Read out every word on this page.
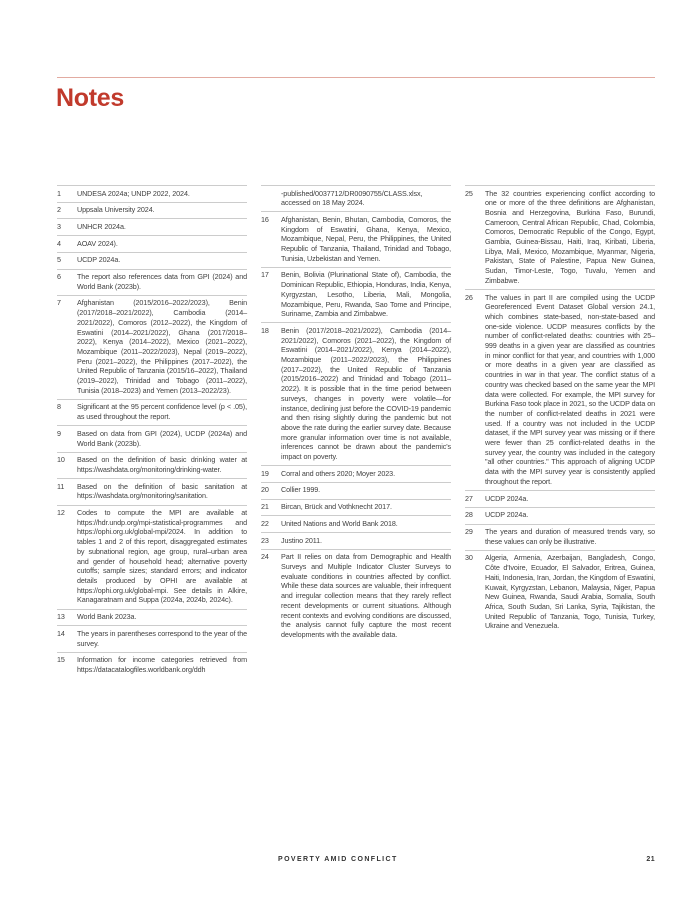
Notes
1	UNDESA 2024a; UNDP 2022, 2024.
2	Uppsala University 2024.
3	UNHCR 2024a.
4	AOAV 2024).
5	UCDP 2024a.
6	The report also references data from GPI (2024) and World Bank (2023b).
7	Afghanistan (2015/2016–2022/2023), Benin (2017/2018–2021/2022), Cambodia (2014–2021/2022), Comoros (2012–2022), the Kingdom of Eswatini (2014–2021/2022), Ghana (2017/2018–2022), Kenya (2014–2022), Mexico (2021–2022), Mozambique (2011–2022/2023), Nepal (2019–2022), Peru (2021–2022), the Philippines (2017–2022), the United Republic of Tanzania (2015/16–2022), Thailand (2019–2022), Trinidad and Tobago (2011–2022), Tunisia (2018–2023) and Yemen (2013–2022/23).
8	Significant at the 95 percent confidence level (p < .05), as used throughout the report.
9	Based on data from GPI (2024), UCDP (2024a) and World Bank (2023b).
10	Based on the definition of basic drinking water at https://washdata.org/monitoring/drinking-water.
11	Based on the definition of basic sanitation at https://washdata.org/monitoring/sanitation.
12	Codes to compute the MPI are available at https://hdr.undp.org/mpi-statistical-programmes and https://ophi.org.uk/global-mpi/2024. In addition to tables 1 and 2 of this report, disaggregated estimates by subnational region, age group, rural–urban area and gender of household head; alternative poverty cutoffs; sample sizes; standard errors; and indicator details produced by OPHI are available at https://ophi.org.uk/global-mpi. See details in Alkire, Kanagaratnam and Suppa (2024a, 2024b, 2024c).
13	World Bank 2023a.
14	The years in parentheses correspond to the year of the survey.
15	Information for income categories retrieved from https://datacatalogfiles.worldbank.org/ddh
-published/0037712/DR0090755/CLASS.xlsx, accessed on 18 May 2024.
16	Afghanistan, Benin, Bhutan, Cambodia, Comoros, the Kingdom of Eswatini, Ghana, Kenya, Mexico, Mozambique, Nepal, Peru, the Philippines, the United Republic of Tanzania, Thailand, Trinidad and Tobago, Tunisia, Uzbekistan and Yemen.
17	Benin, Bolivia (Plurinational State of), Cambodia, the Dominican Republic, Ethiopia, Honduras, India, Kenya, Kyrgyzstan, Lesotho, Liberia, Mali, Mongolia, Mozambique, Peru, Rwanda, Sao Tome and Principe, Suriname, Zambia and Zimbabwe.
18	Benin (2017/2018–2021/2022), Cambodia (2014–2021/2022), Comoros (2021–2022), the Kingdom of Eswatini (2014–2021/2022), Kenya (2014–2022), Mozambique (2011–2022/2023), the Philippines (2017–2022), the United Republic of Tanzania (2015/2016–2022) and Trinidad and Tobago (2011–2022). It is possible that in the time period between surveys, changes in poverty were volatile—for instance, declining just before the COVID-19 pandemic and then rising slightly during the pandemic but not above the rate during the earlier survey date. Because more granular information over time is not available, inferences cannot be drawn about the pandemic's impact on poverty.
19	Corral and others 2020; Moyer 2023.
20	Collier 1999.
21	Bircan, Brück and Vothknecht 2017.
22	United Nations and World Bank 2018.
23	Justino 2011.
24	Part II relies on data from Demographic and Health Surveys and Multiple Indicator Cluster Surveys to evaluate conditions in countries affected by conflict. While these data sources are valuable, their infrequent and irregular collection means that they rarely reflect recent developments or current situations. Although recent contexts and evolving conditions are discussed, the analysis cannot fully capture the most recent developments with the available data.
25	The 32 countries experiencing conflict according to one or more of the three definitions are Afghanistan, Bosnia and Herzegovina, Burkina Faso, Burundi, Cameroon, Central African Republic, Chad, Colombia, Comoros, Democratic Republic of the Congo, Egypt, Gambia, Guinea-Bissau, Haiti, Iraq, Kiribati, Liberia, Libya, Mali, Mexico, Mozambique, Myanmar, Nigeria, Pakistan, State of Palestine, Papua New Guinea, Sudan, Timor-Leste, Togo, Tuvalu, Yemen and Zimbabwe.
26	The values in part II are compiled using the UCDP Georeferenced Event Dataset Global version 24.1, which combines state-based, non-state-based and one-side violence. UCDP measures conflicts by the number of conflict-related deaths: countries with 25–999 deaths in a given year are classified as countries in minor conflict for that year, and countries with 1,000 or more deaths in a given year are classified as countries in war in that year. The conflict status of a country was checked based on the same year the MPI data were collected. For example, the MPI survey for Burkina Faso took place in 2021, so the UCDP data on the number of conflict-related deaths in 2021 were used. If a country was not included in the UCDP dataset, if the MPI survey year was missing or if there were fewer than 25 conflict-related deaths in the survey year, the country was included in the category "all other countries." This approach of aligning UCDP data with the MPI survey year is consistently applied throughout the report.
27	UCDP 2024a.
28	UCDP 2024a.
29	The years and duration of measured trends vary, so these values can only be illustrative.
30	Algeria, Armenia, Azerbaijan, Bangladesh, Congo, Côte d'Ivoire, Ecuador, El Salvador, Eritrea, Guinea, Haiti, Indonesia, Iran, Jordan, the Kingdom of Eswatini, Kuwait, Kyrgyzstan, Lebanon, Malaysia, Niger, Papua New Guinea, Rwanda, Saudi Arabia, Somalia, South Africa, South Sudan, Sri Lanka, Syria, Tajikistan, the United Republic of Tanzania, Togo, Tunisia, Turkey, Ukraine and Venezuela.
POVERTY AMID CONFLICT	21
